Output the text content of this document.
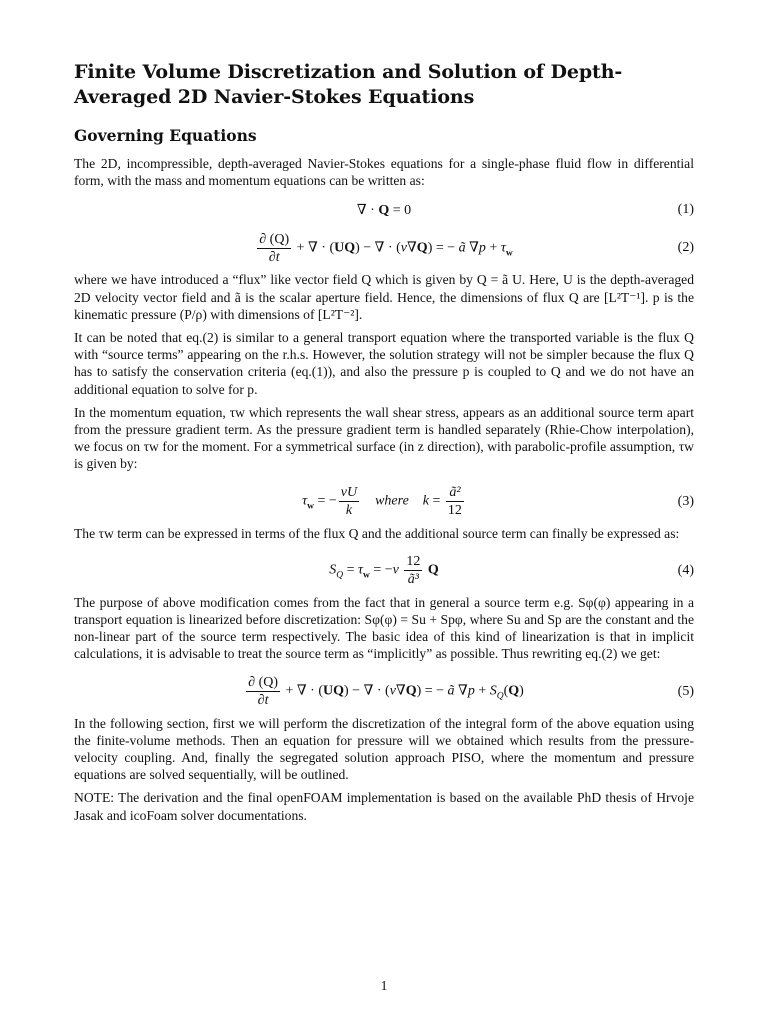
Finite Volume Discretization and Solution of Depth-Averaged 2D Navier-Stokes Equations
Governing Equations

The 2D, incompressible, depth-averaged Navier-Stokes equations for a single-phase fluid flow in differential form, with the mass and momentum equations can be written as:

∇ · Q = 0	(1)
$\frac{\partial (Q)}{\partial t}$ + ∇ · (UQ) − ∇ · (ν∇Q) = − ã $\nabla p + \tau_w$	(2)

where we have introduced a “flux” like vector field Q which is given by Q = ã U. Here, U is the depth-averaged 2D velocity vector field and ã is the scalar aperture field. Hence, the dimensions of flux Q are [L²T⁻¹]. p is the kinematic pressure (P/ρ) with dimensions of [L²T⁻²].

It can be noted that eq.(2) is similar to a general transport equation where the transported variable is the flux Q with “source terms” appearing on the r.h.s. However, the solution strategy will not be simpler because the flux Q has to satisfy the conservation criteria (eq.(1)), and also the pressure p is coupled to Q and we do not have an additional equation to solve for p.

In the momentum equation, τw which represents the wall shear stress, appears as an additional source term apart from the pressure gradient term. As the pressure gradient term is handled separately (Rhie-Chow interpolation), we focus on τw for the moment. For a symmetrical surface (in z direction), with parabolic-profile assumption, τw is given by:

$\tau_w$ = − $\frac{\nu U}{k}$ where $k = \frac{\text{ã²}}{12}$	(3)

The τw term can be expressed in terms of the flux Q and the additional source term can finally be expressed as:

$S_Q = \tau_w = -\nu \frac{12}{\text{ã³}}$ Q	(4)

The purpose of above modification comes from the fact that in general a source term e.g. Sφ(φ) appearing in a transport equation is linearized before discretization: Sφ(φ) = Su + Spφ, where Su and Sp are the constant and the non-linear part of the source term respectively. The basic idea of this kind of linearization is that in implicit calculations, it is advisable to treat the source term as “implicitly” as possible. Thus rewriting eq.(2) we get:

$\frac{\partial (Q)}{\partial t}$ + ∇ · (UQ) − ∇ · (ν∇Q) = − ã $\nabla p + S_Q(Q)$	(5)

In the following section, first we will perform the discretization of the integral form of the above equation using the finite-volume methods. Then an equation for pressure will we obtained which results from the pressure-velocity coupling. And, finally the segregated solution approach PISO, where the momentum and pressure equations are solved sequentially, will be outlined.

NOTE: The derivation and the final openFOAM implementation is based on the available PhD thesis of Hrvoje Jasak and icoFoam solver documentations.

1
